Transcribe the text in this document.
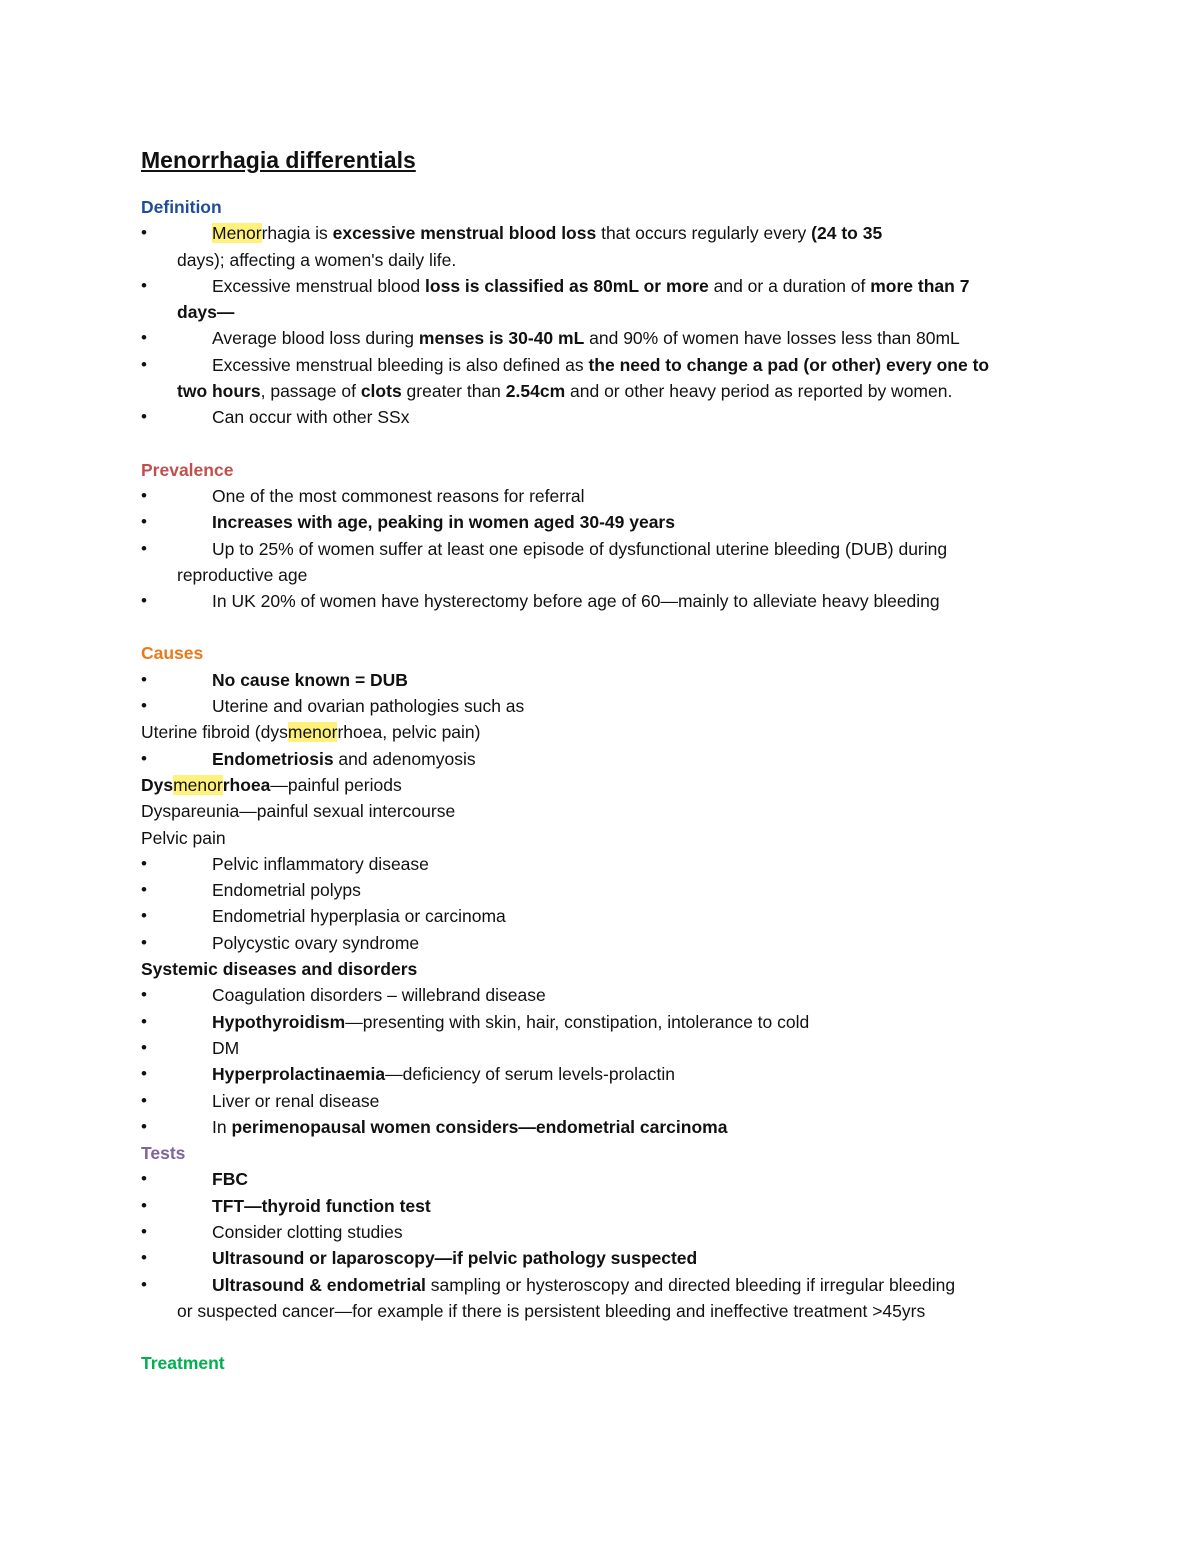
Menorrhagia differentials
Definition
•	Menorrhagia is excessive menstrual blood loss that occurs regularly every (24 to 35
days); affecting a women's daily life.
•	Excessive menstrual blood loss is classified as 80mL or more and or a duration of more than 7
days—
•	Average blood loss during menses is 30-40 mL and 90% of women have losses less than 80mL
•	Excessive menstrual bleeding is also defined as the need to change a pad (or other) every one to
two hours, passage of clots greater than 2.54cm and or other heavy period as reported by women.
•	Can occur with other SSx
Prevalence
•	One of the most commonest reasons for referral
•	Increases with age, peaking in women aged 30-49 years
•	Up to 25% of women suffer at least one episode of dysfunctional uterine bleeding (DUB) during
reproductive age
•	In UK 20% of women have hysterectomy before age of 60—mainly to alleviate heavy bleeding
Causes
•	No cause known = DUB
•	Uterine and ovarian pathologies such as
Uterine fibroid (dysmenorrhoea, pelvic pain)
•	Endometriosis and adenomyosis
Dysmenorrhoea—painful periods
Dyspareunia—painful sexual intercourse
Pelvic pain
•	Pelvic inflammatory disease
•	Endometrial polyps
•	Endometrial hyperplasia or carcinoma
•	Polycystic ovary syndrome
Systemic diseases and disorders
•	Coagulation disorders – willebrand disease
•	Hypothyroidism—presenting with skin, hair, constipation, intolerance to cold
•	DM
•	Hyperprolactinaemia—deficiency of serum levels-prolactin
•	Liver or renal disease
•	In perimenopausal women considers—endometrial carcinoma
Tests
•	FBC
•	TFT—thyroid function test
•	Consider clotting studies
•	Ultrasound or laparoscopy—if pelvic pathology suspected
•	Ultrasound & endometrial sampling or hysteroscopy and directed bleeding if irregular bleeding
or suspected cancer—for example if there is persistent bleeding and ineffective treatment >45yrs
Treatment
